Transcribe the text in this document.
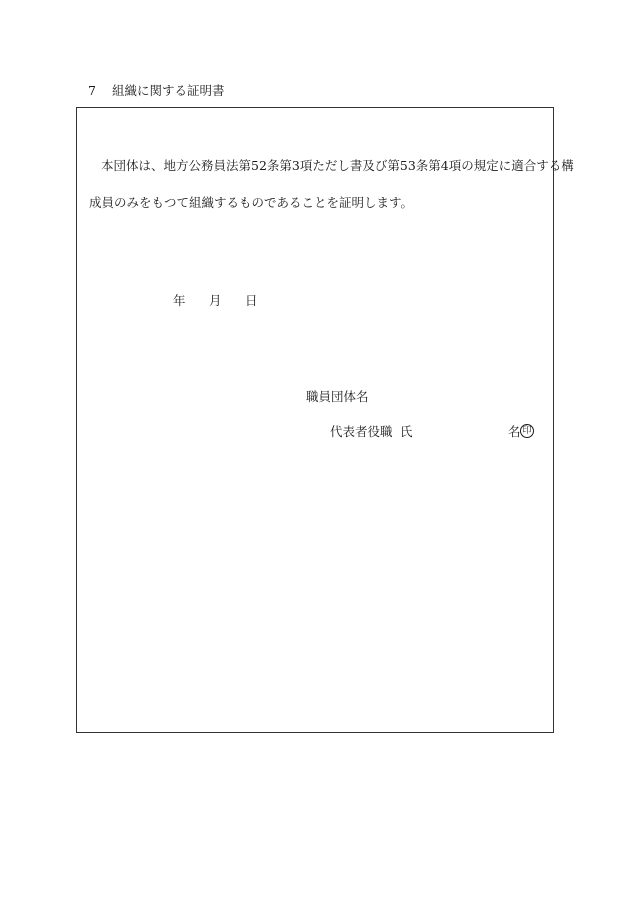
7 組織に関する証明書
本団体は、地方公務員法第52条第3項ただし書及び第53条第4項の規定に適合する構
成員のみをもつて組織するものであることを証明します。
年 月 日
職員団体名
代表者役職 氏	名 印
